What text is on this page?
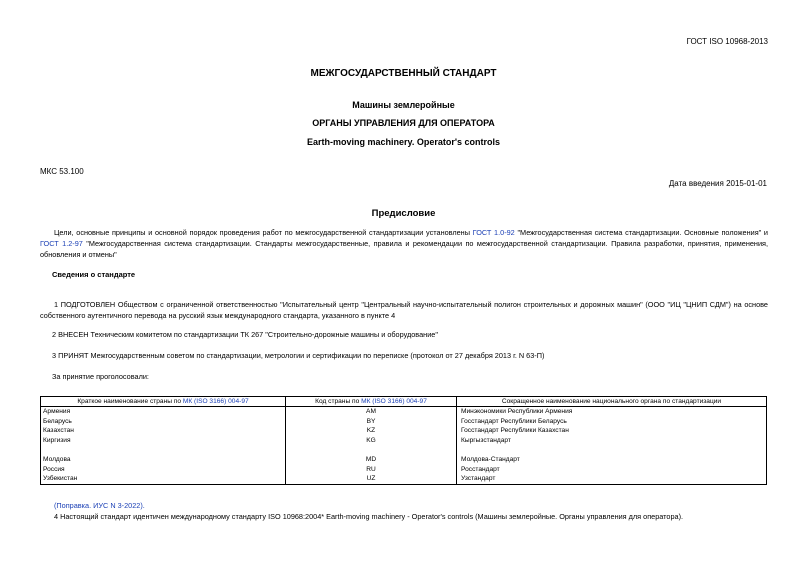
ГОСТ ISO 10968-2013
МЕЖГОСУДАРСТВЕННЫЙ СТАНДАРТ
Машины землеройные
ОРГАНЫ УПРАВЛЕНИЯ ДЛЯ ОПЕРАТОРА
Earth-moving machinery. Operator's controls
МКС 53.100
Дата введения 2015-01-01
Предисловие
Цели, основные принципы и основной порядок проведения работ по межгосударственной стандартизации установлены ГОСТ 1.0-92 "Межгосударственная система стандартизации. Основные положения" и ГОСТ 1.2-97 "Межгосударственная система стандартизации. Стандарты межгосударственные, правила и рекомендации по межгосударственной стандартизации. Правила разработки, принятия, применения, обновления и отмены"
Сведения о стандарте
1 ПОДГОТОВЛЕН Обществом с ограниченной ответственностью "Испытательный центр "Центральный научно-испытательный полигон строительных и дорожных машин" (ООО "ИЦ "ЦНИП СДМ") на основе собственного аутентичного перевода на русский язык международного стандарта, указанного в пункте 4
2 ВНЕСЕН Техническим комитетом по стандартизации ТК 267 "Строительно-дорожные машины и оборудование"
3 ПРИНЯТ Межгосударственным советом по стандартизации, метрологии и сертификации по переписке (протокол от 27 декабря 2013 г. N 63-П)
За принятие проголосовали:
Краткое наименование страны по МК (ISO 3166) 004-97	Код страны по МК (ISO 3166) 004-97	Сокращенное наименование национального органа по стандартизации
Армения	AM	Минэкономики Республики Армения
Беларусь	BY	Госстандарт Республики Беларусь
Казахстан	KZ	Госстандарт Республики Казахстан
Киргизия	KG	Кыргызстандарт

Молдова	MD	Молдова-Стандарт
Россия	RU	Росстандарт
Узбекистан	UZ	Узстандарт
(Поправка. ИУС N 3-2022).
4 Настоящий стандарт идентичен международному стандарту ISO 10968:2004* Earth-moving machinery - Operator's controls (Машины землеройные. Органы управления для оператора).
